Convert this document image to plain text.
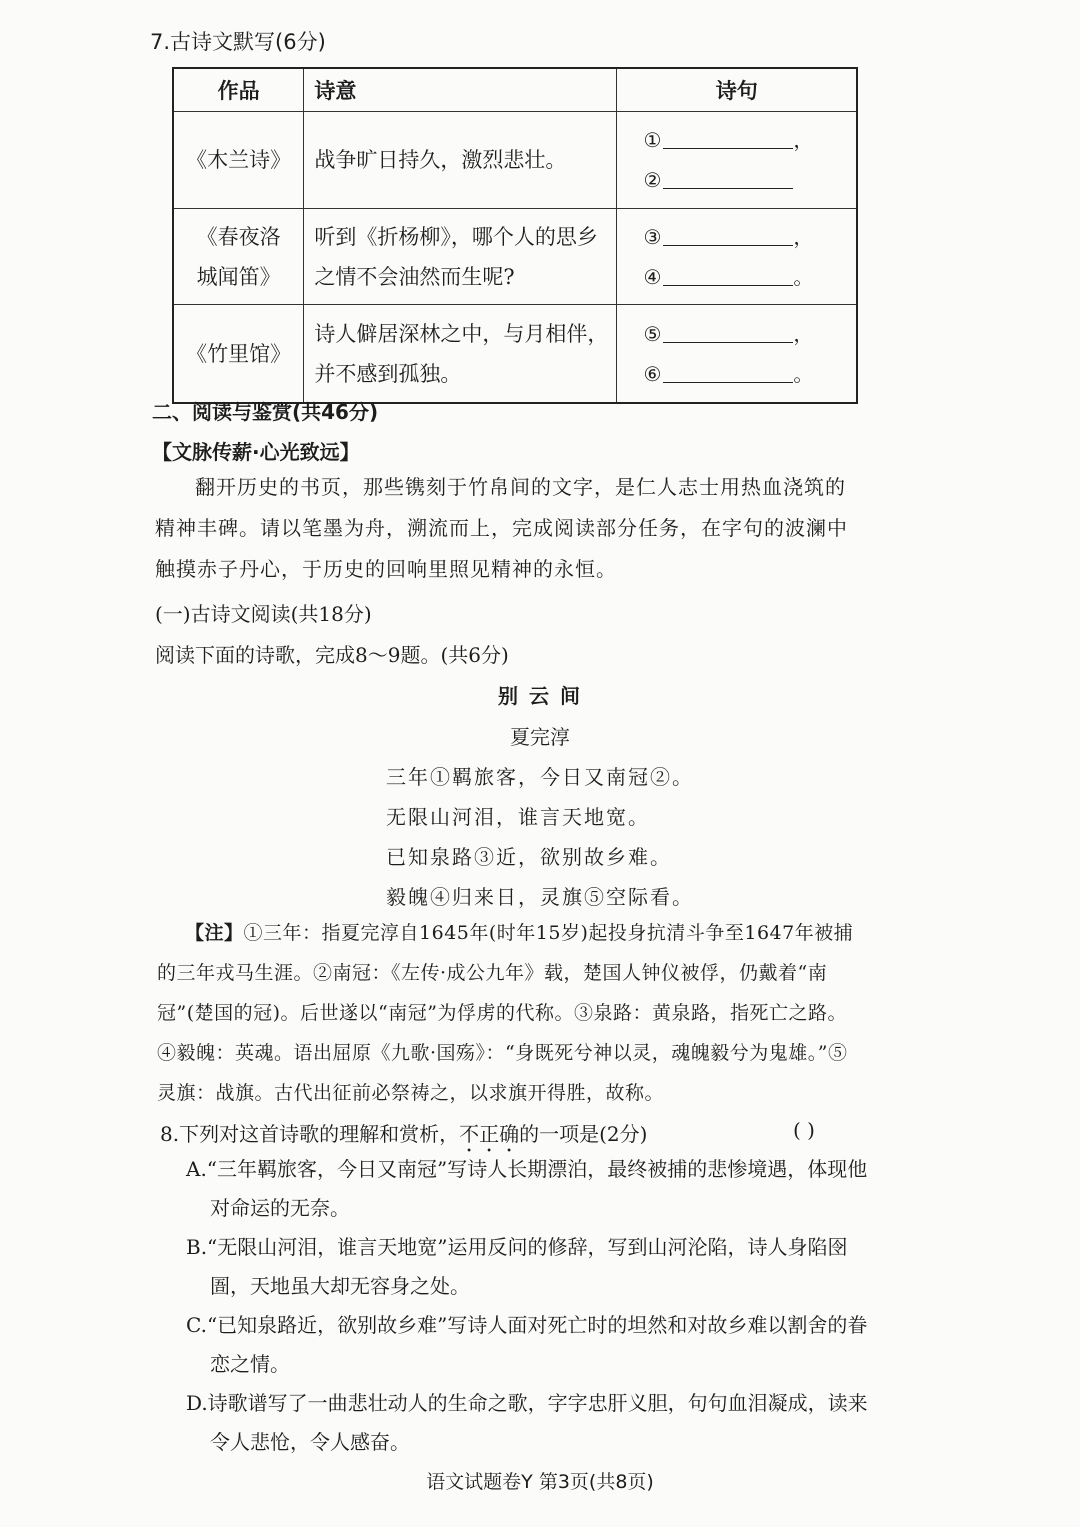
7.古诗文默写(6分)
作品	诗意	诗句
《木兰诗》	战争旷日持久，激烈悲壮。	① ，
②

《春夜洛城闻笛》	听到《折杨柳》，哪个人的思乡之情不会油然而生呢?	③ ，
④ 。

《竹里馆》	诗人僻居深林之中，与月相伴，并不感到孤独。	⑤ ，
⑥ 。
二、阅读与鉴赏(共46分)
【文脉传薪·心光致远】
翻开历史的书页，那些镌刻于竹帛间的文字，是仁人志士用热血浇筑的精神丰碑。请以笔墨为舟，溯流而上，完成阅读部分任务，在字句的波澜中触摸赤子丹心，于历史的回响里照见精神的永恒。
(一)古诗文阅读(共18分)
阅读下面的诗歌，完成8～9题。(共6分)
别 云 间
夏完淳
三年①羁旅客，今日又南冠②。
无限山河泪，谁言天地宽。
已知泉路③近，欲别故乡难。
毅魄④归来日，灵旗⑤空际看。
【注】①三年：指夏完淳自1645年(时年15岁)起投身抗清斗争至1647年被捕的三年戎马生涯。②南冠：《左传·成公九年》载，楚国人钟仪被俘，仍戴着“南冠”(楚国的冠)。后世遂以“南冠”为俘虏的代称。③泉路：黄泉路，指死亡之路。④毅魄：英魂。语出屈原《九歌·国殇》：“身既死兮神以灵，魂魄毅兮为鬼雄。”⑤灵旗：战旗。古代出征前必祭祷之，以求旗开得胜，故称。
8.下列对这首诗歌的理解和赏析，不正确的一项是(2分)	( )
A.“三年羁旅客，今日又南冠”写诗人长期漂泊，最终被捕的悲惨境遇，体现他对命运的无奈。
B.“无限山河泪，谁言天地宽”运用反问的修辞，写到山河沦陷，诗人身陷囹圄，天地虽大却无容身之处。
C.“已知泉路近，欲别故乡难”写诗人面对死亡时的坦然和对故乡难以割舍的眷恋之情。
D.诗歌谱写了一曲悲壮动人的生命之歌，字字忠肝义胆，句句血泪凝成，读来令人悲怆，令人感奋。
语文试题卷Y 第3页(共8页)
